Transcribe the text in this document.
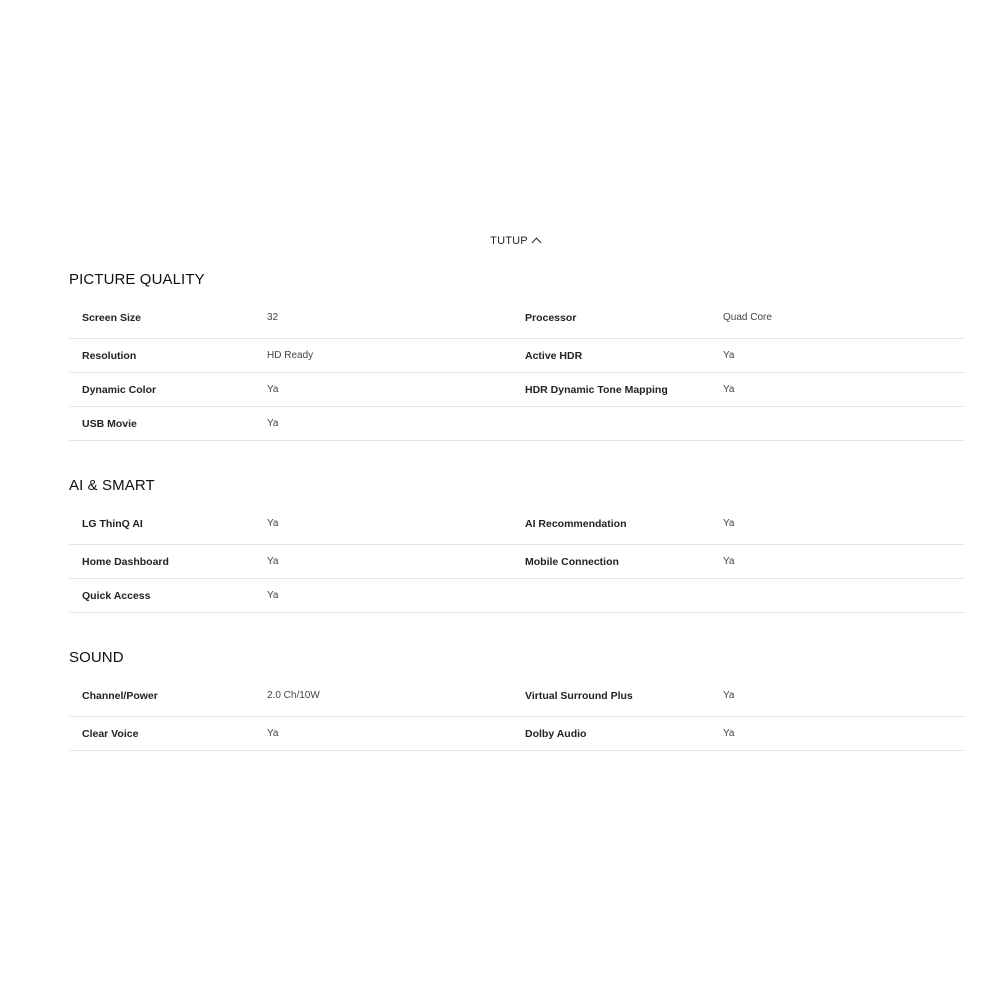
TUTUP
PICTURE QUALITY
Screen Size	32	Processor	Quad Core
Resolution	HD Ready	Active HDR	Ya
Dynamic Color	Ya	HDR Dynamic Tone Mapping	Ya
USB Movie	Ya
AI & SMART
LG ThinQ AI	Ya	AI Recommendation	Ya
Home Dashboard	Ya	Mobile Connection	Ya
Quick Access	Ya
SOUND
Channel/Power	2.0 Ch/10W	Virtual Surround Plus	Ya
Clear Voice	Ya	Dolby Audio	Ya
